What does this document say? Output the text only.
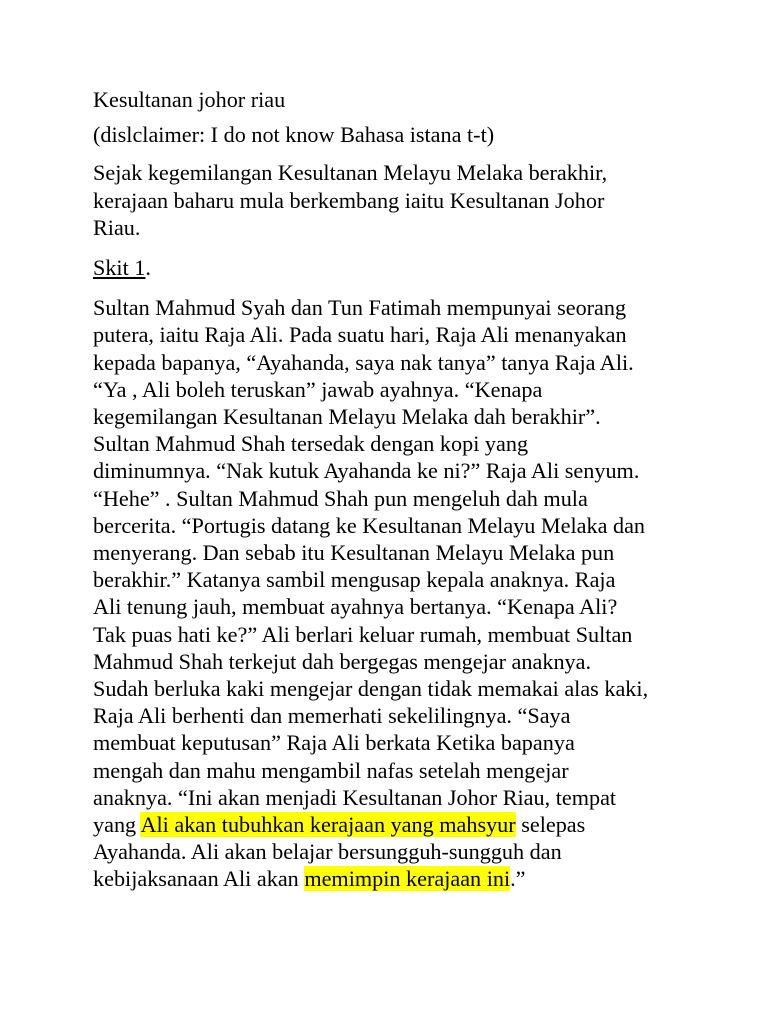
Kesultanan johor riau

(dislclaimer: I do not know Bahasa istana t-t)

Sejak kegemilangan Kesultanan Melayu Melaka berakhir,
kerajaan baharu mula berkembang iaitu Kesultanan Johor
Riau.

Skit 1.

Sultan Mahmud Syah dan Tun Fatimah mempunyai seorang
putera, iaitu Raja Ali. Pada suatu hari, Raja Ali menanyakan
kepada bapanya, “Ayahanda, saya nak tanya” tanya Raja Ali.
“Ya , Ali boleh teruskan” jawab ayahnya. “Kenapa
kegemilangan Kesultanan Melayu Melaka dah berakhir”.
Sultan Mahmud Shah tersedak dengan kopi yang
diminumnya. “Nak kutuk Ayahanda ke ni?” Raja Ali senyum.
“Hehe” . Sultan Mahmud Shah pun mengeluh dah mula
bercerita. “Portugis datang ke Kesultanan Melayu Melaka dan
menyerang. Dan sebab itu Kesultanan Melayu Melaka pun
berakhir.” Katanya sambil mengusap kepala anaknya. Raja
Ali tenung jauh, membuat ayahnya bertanya. “Kenapa Ali?
Tak puas hati ke?” Ali berlari keluar rumah, membuat Sultan
Mahmud Shah terkejut dah bergegas mengejar anaknya.
Sudah berluka kaki mengejar dengan tidak memakai alas kaki,
Raja Ali berhenti dan memerhati sekelilingnya. “Saya
membuat keputusan” Raja Ali berkata Ketika bapanya
mengah dan mahu mengambil nafas setelah mengejar
anaknya. “Ini akan menjadi Kesultanan Johor Riau, tempat
yang Ali akan tubuhkan kerajaan yang mahsyur selepas
Ayahanda. Ali akan belajar bersungguh-sungguh dan
kebijaksanaan Ali akan memimpin kerajaan ini.”
